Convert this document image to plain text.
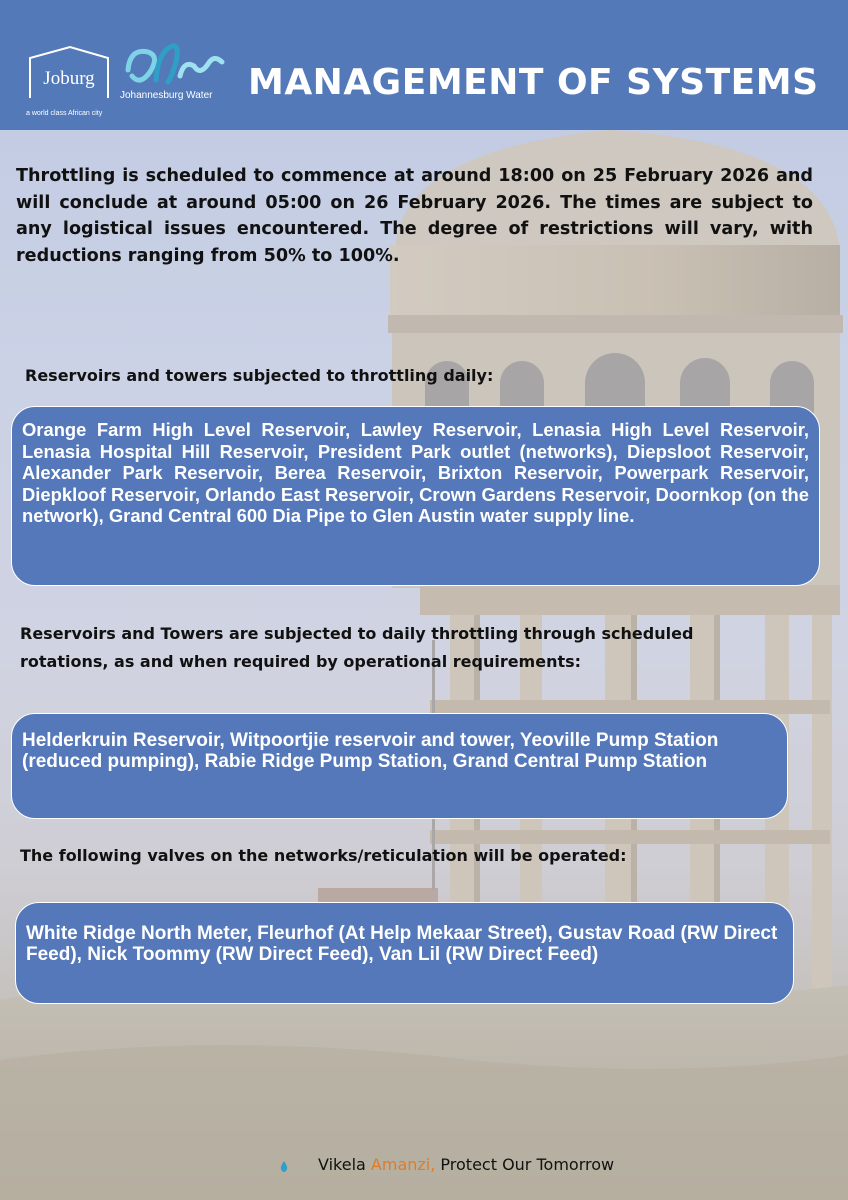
Joburg
a world class African city
Johannesburg Water MANAGEMENT OF SYSTEMS
Throttling is scheduled to commence at around 18:00 on 25 February 2026 and will conclude at around 05:00 on 26 February 2026. The times are subject to any logistical issues encountered. The degree of restrictions will vary, with reductions ranging from 50% to 100%.
Reservoirs and towers subjected to throttling daily:
Orange Farm High Level Reservoir, Lawley Reservoir, Lenasia High Level Reservoir, Lenasia Hospital Hill Reservoir, President Park outlet (networks), Diepsloot Reservoir, Alexander Park Reservoir, Berea Reservoir, Brixton Reservoir, Powerpark Reservoir, Diepkloof Reservoir, Orlando East Reservoir, Crown Gardens Reservoir, Doornkop (on the network), Grand Central 600 Dia Pipe to Glen Austin water supply line.
Reservoirs and Towers are subjected to daily throttling through scheduled rotations, as and when required by operational requirements:
Helderkruin Reservoir, Witpoortjie reservoir and tower, Yeoville Pump Station (reduced pumping), Rabie Ridge Pump Station, Grand Central Pump Station
The following valves on the networks/reticulation will be operated:
White Ridge North Meter, Fleurhof (At Help Mekaar Street), Gustav Road (RW Direct Feed), Nick Toommy (RW Direct Feed), Van Lil (RW Direct Feed)
Vikela Amanzi, Protect Our Tomorrow
